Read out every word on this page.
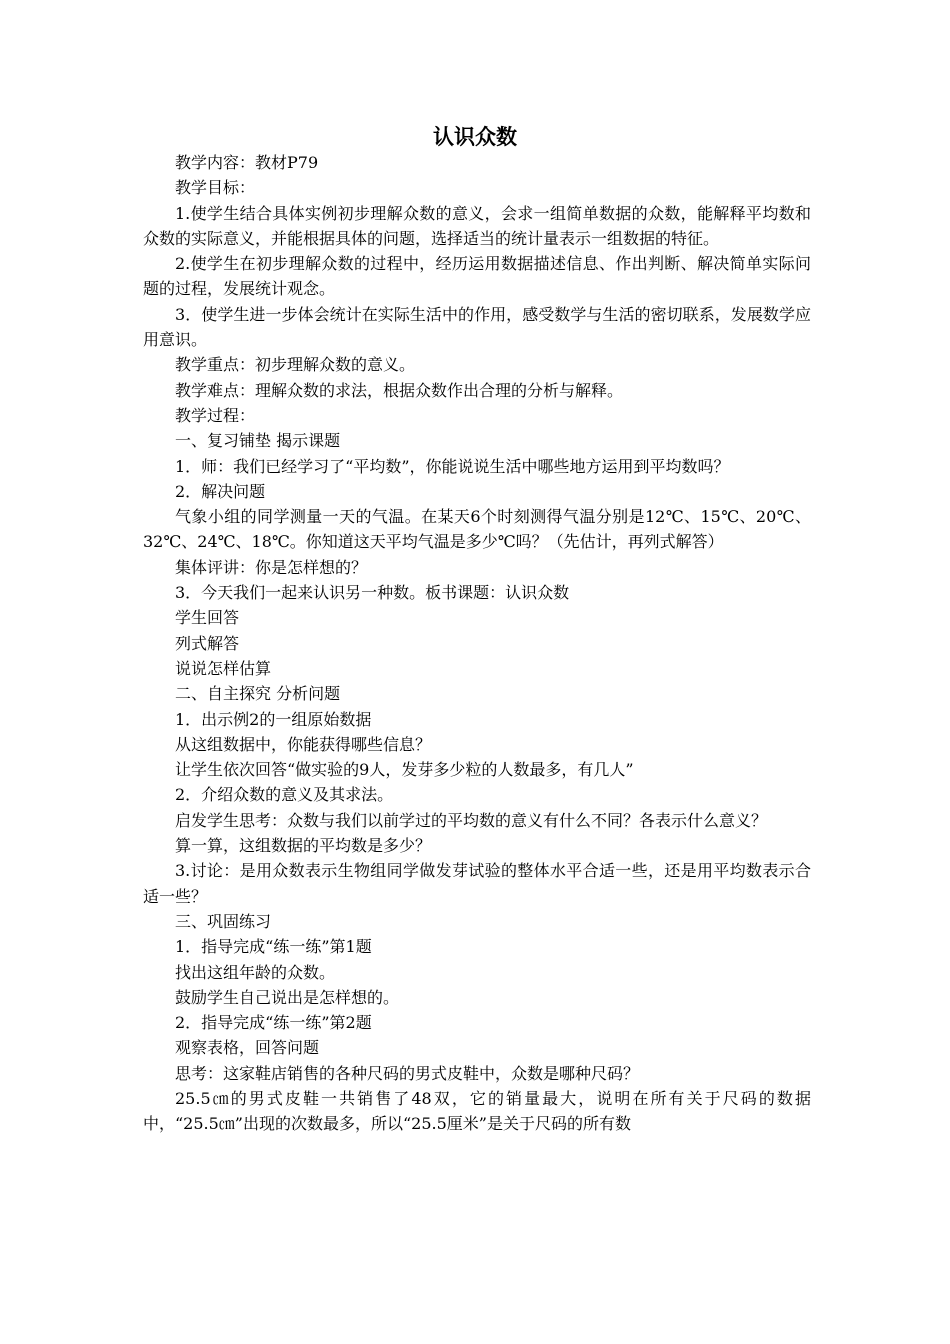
认识众数

教学内容：教材P79

教学目标：

1.使学生结合具体实例初步理解众数的意义，会求一组简单数据的众数，能解释平均数和众数的实际意义，并能根据具体的问题，选择适当的统计量表示一组数据的特征。

2.使学生在初步理解众数的过程中，经历运用数据描述信息、作出判断、解决简单实际问题的过程，发展统计观念。

3．使学生进一步体会统计在实际生活中的作用，感受数学与生活的密切联系，发展数学应用意识。

教学重点：初步理解众数的意义。

教学难点：理解众数的求法，根据众数作出合理的分析与解释。

教学过程：

一、复习铺垫 揭示课题

1．师：我们已经学习了“平均数”，你能说说生活中哪些地方运用到平均数吗？

2．解决问题

气象小组的同学测量一天的气温。在某天6个时刻测得气温分别是12℃、15℃、20℃、32℃、24℃、18℃。你知道这天平均气温是多少℃吗？（先估计，再列式解答）

集体评讲：你是怎样想的？

3．今天我们一起来认识另一种数。板书课题：认识众数

学生回答

列式解答

说说怎样估算

二、自主探究 分析问题

1．出示例2的一组原始数据

从这组数据中，你能获得哪些信息？

让学生依次回答“做实验的9人，发芽多少粒的人数最多，有几人”

2．介绍众数的意义及其求法。

启发学生思考：众数与我们以前学过的平均数的意义有什么不同？各表示什么意义？

算一算，这组数据的平均数是多少？

3.讨论：是用众数表示生物组同学做发芽试验的整体水平合适一些，还是用平均数表示合适一些？

三、巩固练习

1．指导完成“练一练”第1题

找出这组年龄的众数。

鼓励学生自己说出是怎样想的。

2．指导完成“练一练”第2题

观察表格，回答问题

思考：这家鞋店销售的各种尺码的男式皮鞋中，众数是哪种尺码？

25.5㎝的男式皮鞋一共销售了48双，它的销量最大，说明在所有关于尺码的数据中，“25.5㎝”出现的次数最多，所以“25.5厘米”是关于尺码的所有数
